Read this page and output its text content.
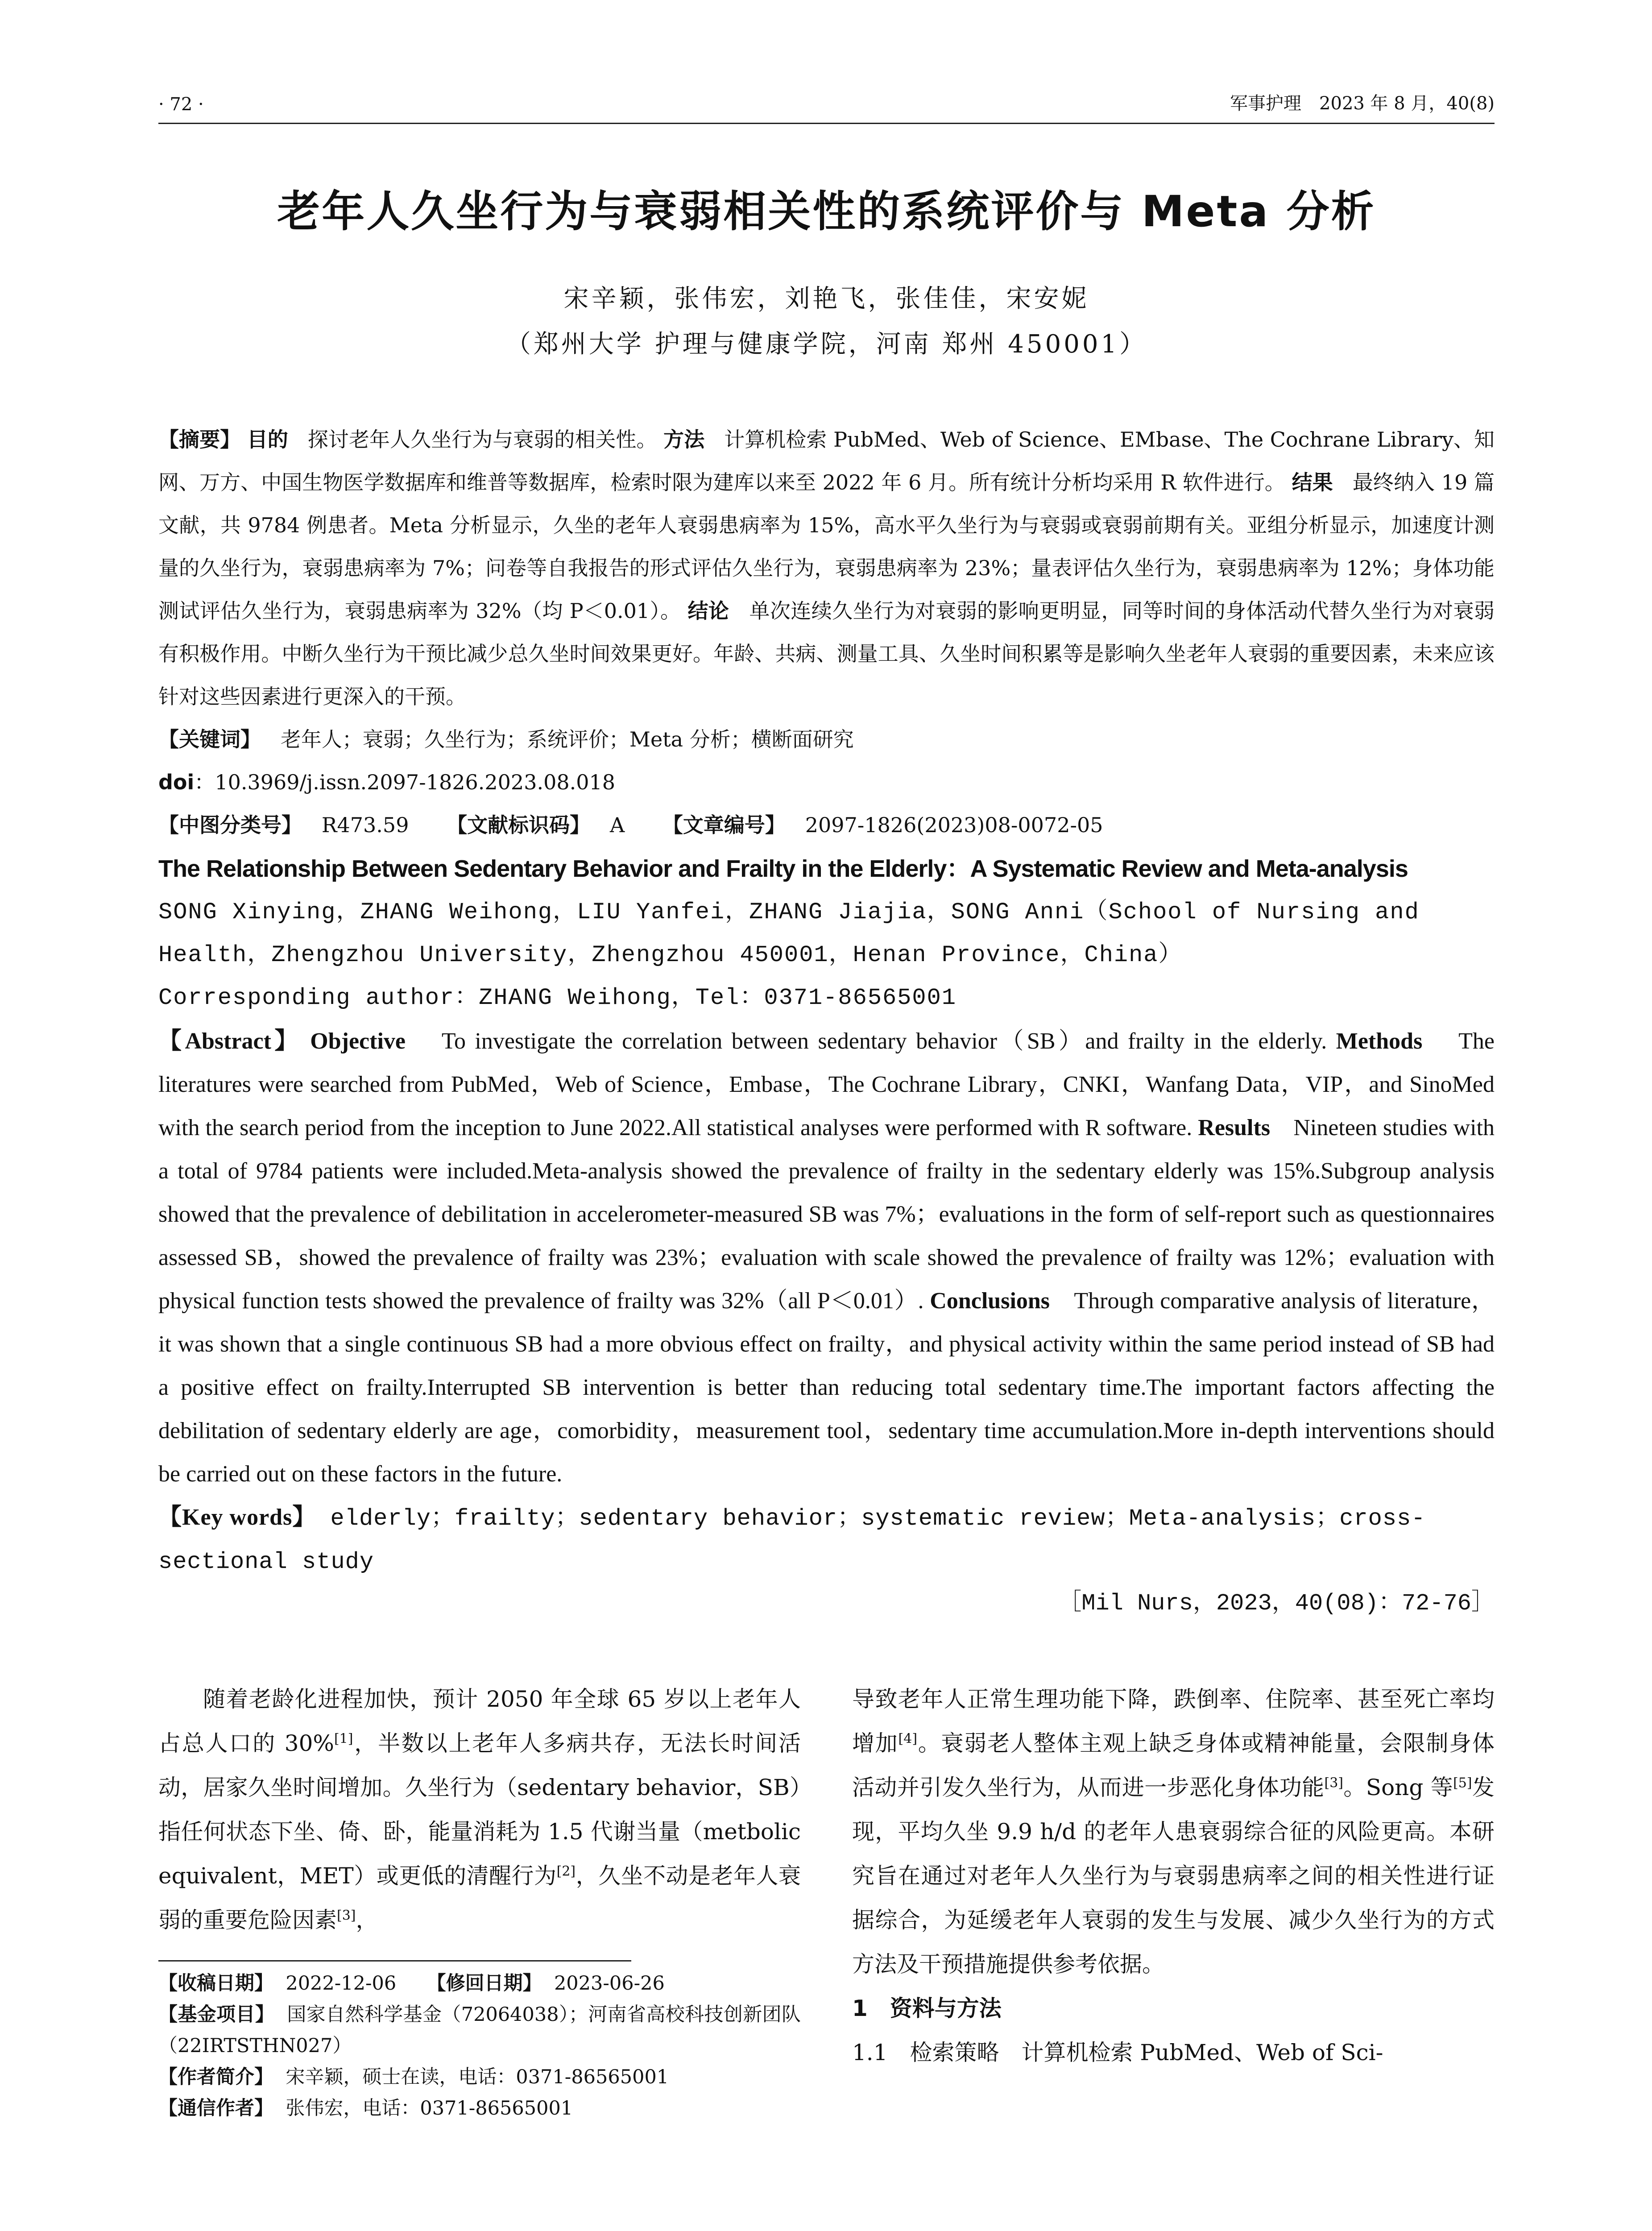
· 72 ·	军事护理　2023 年 8 月，40(8)
老年人久坐行为与衰弱相关性的系统评价与 Meta 分析
宋辛颖，张伟宏，刘艳飞，张佳佳，宋安妮
（郑州大学 护理与健康学院，河南 郑州 450001）
【摘要】 目的 探讨老年人久坐行为与衰弱的相关性。 方法 计算机检索 PubMed、Web of Science、EMbase、The Cochrane Library、知网、万方、中国生物医学数据库和维普等数据库，检索时限为建库以来至 2022 年 6 月。所有统计分析均采用 R 软件进行。 结果 最终纳入 19 篇文献，共 9784 例患者。Meta 分析显示，久坐的老年人衰弱患病率为 15%，高水平久坐行为与衰弱或衰弱前期有关。亚组分析显示，加速度计测量的久坐行为，衰弱患病率为 7%；问卷等自我报告的形式评估久坐行为，衰弱患病率为 23%；量表评估久坐行为，衰弱患病率为 12%；身体功能测试评估久坐行为，衰弱患病率为 32%（均 P＜0.01）。 结论 单次连续久坐行为对衰弱的影响更明显，同等时间的身体活动代替久坐行为对衰弱有积极作用。中断久坐行为干预比减少总久坐时间效果更好。年龄、共病、测量工具、久坐时间积累等是影响久坐老年人衰弱的重要因素，未来应该针对这些因素进行更深入的干预。
【关键词】 老年人；衰弱；久坐行为；系统评价；Meta 分析；横断面研究
doi：10.3969/j.issn.2097-1826.2023.08.018
【中图分类号】 R473.59 【文献标识码】 A 【文章编号】 2097-1826(2023)08-0072-05
The Relationship Between Sedentary Behavior and Frailty in the Elderly：A Systematic Review and Meta-analysis
SONG Xinying，ZHANG Weihong，LIU Yanfei，ZHANG Jiajia，SONG Anni（School of Nursing and Health，Zhengzhou University，Zhengzhou 450001，Henan Province，China）
Corresponding author：ZHANG Weihong，Tel：0371-86565001
【Abstract】 Objective To investigate the correlation between sedentary behavior（SB）and frailty in the elderly. Methods The literatures were searched from PubMed，Web of Science，Embase，The Cochrane Library，CNKI，Wanfang Data，VIP，and SinoMed with the search period from the inception to June 2022.All statistical analyses were performed with R software. Results Nineteen studies with a total of 9784 patients were included.Meta-analysis showed the prevalence of frailty in the sedentary elderly was 15%.Subgroup analysis showed that the prevalence of debilitation in accelerometer-measured SB was 7%；evaluations in the form of self-report such as questionnaires assessed SB，showed the prevalence of frailty was 23%；evaluation with scale showed the prevalence of frailty was 12%；evaluation with physical function tests showed the prevalence of frailty was 32%（all P＜0.01）. Conclusions Through comparative analysis of literature，it was shown that a single continuous SB had a more obvious effect on frailty，and physical activity within the same period instead of SB had a positive effect on frailty.Interrupted SB intervention is better than reducing total sedentary time.The important factors affecting the debilitation of sedentary elderly are age，comorbidity，measurement tool，sedentary time accumulation.More in-depth interventions should be carried out on these factors in the future.
【Key words】 elderly；frailty；sedentary behavior；systematic review；Meta-analysis；cross-sectional study
［Mil Nurs，2023，40(08)：72-76］

随着老龄化进程加快，预计 2050 年全球 65 岁以上老年人占总人口的 30%[1]，半数以上老年人多病共存，无法长时间活动，居家久坐时间增加。久坐行为（sedentary behavior，SB）指任何状态下坐、倚、卧，能量消耗为 1.5 代谢当量（metbolic equivalent，MET）或更低的清醒行为[2]，久坐不动是老年人衰弱的重要危险因素[3]，

【收稿日期】 2022-12-06 【修回日期】 2023-06-26
【基金项目】 国家自然科学基金（72064038）；河南省高校科技创新团队（22IRTSTHN027）
【作者简介】 宋辛颖，硕士在读，电话：0371-86565001
【通信作者】 张伟宏，电话：0371-86565001

导致老年人正常生理功能下降，跌倒率、住院率、甚至死亡率均增加[4]。衰弱老人整体主观上缺乏身体或精神能量，会限制身体活动并引发久坐行为，从而进一步恶化身体功能[3]。Song 等[5]发现，平均久坐 9.9 h/d 的老年人患衰弱综合征的风险更高。本研究旨在通过对老年人久坐行为与衰弱患病率之间的相关性进行证据综合，为延缓老年人衰弱的发生与发展、减少久坐行为的方式方法及干预措施提供参考依据。

1　资料与方法

1.1　检索策略　计算机检索 PubMed、Web of Sci-
